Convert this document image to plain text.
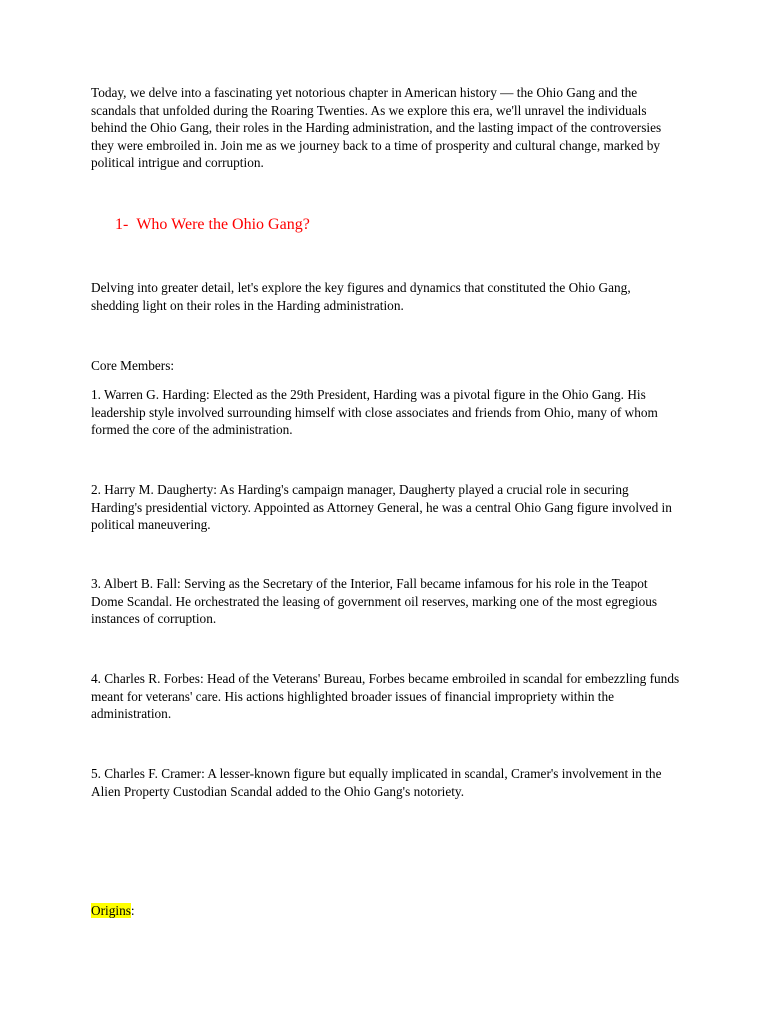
Today, we delve into a fascinating yet notorious chapter in American history — the Ohio Gang and the scandals that unfolded during the Roaring Twenties. As we explore this era, we'll unravel the individuals behind the Ohio Gang, their roles in the Harding administration, and the lasting impact of the controversies they were embroiled in. Join me as we journey back to a time of prosperity and cultural change, marked by political intrigue and corruption.

1- Who Were the Ohio Gang?

Delving into greater detail, let's explore the key figures and dynamics that constituted the Ohio Gang, shedding light on their roles in the Harding administration.

Core Members:

1. Warren G. Harding: Elected as the 29th President, Harding was a pivotal figure in the Ohio Gang. His leadership style involved surrounding himself with close associates and friends from Ohio, many of whom formed the core of the administration.

2. Harry M. Daugherty: As Harding's campaign manager, Daugherty played a crucial role in securing Harding's presidential victory. Appointed as Attorney General, he was a central Ohio Gang figure involved in political maneuvering.

3. Albert B. Fall: Serving as the Secretary of the Interior, Fall became infamous for his role in the Teapot Dome Scandal. He orchestrated the leasing of government oil reserves, marking one of the most egregious instances of corruption.

4. Charles R. Forbes: Head of the Veterans' Bureau, Forbes became embroiled in scandal for embezzling funds meant for veterans' care. His actions highlighted broader issues of financial impropriety within the administration.

5. Charles F. Cramer: A lesser-known figure but equally implicated in scandal, Cramer's involvement in the Alien Property Custodian Scandal added to the Ohio Gang's notoriety.

Origins:
